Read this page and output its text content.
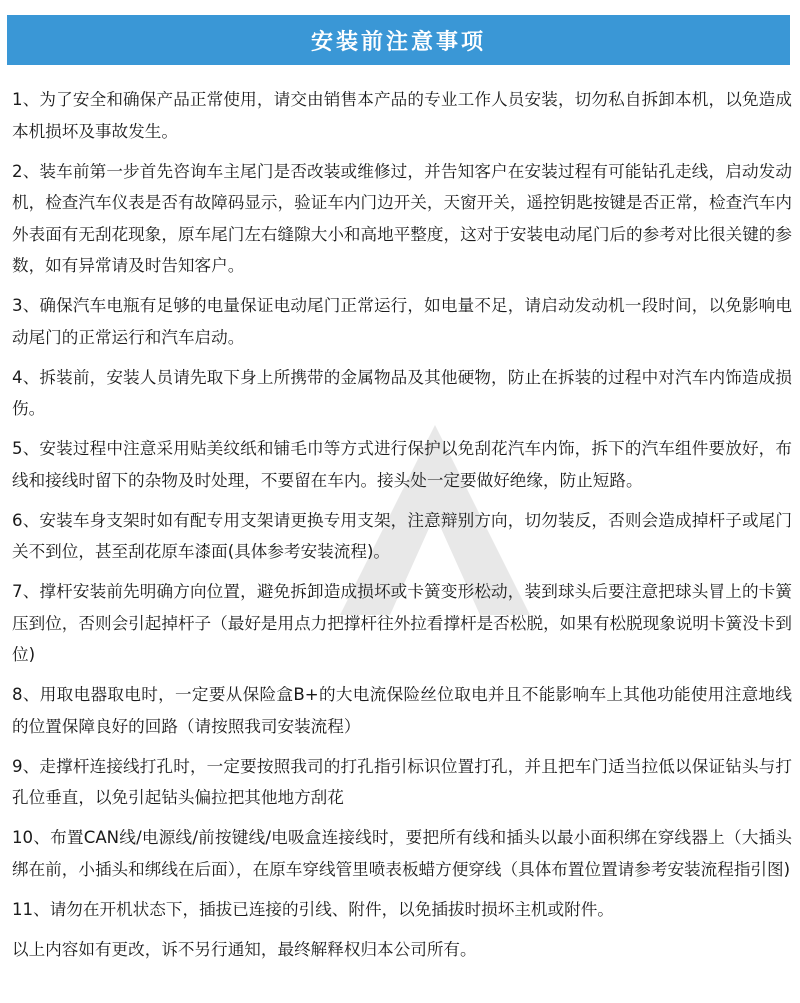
安装前注意事项

1、为了安全和确保产品正常使用，请交由销售本产品的专业工作人员安装，切勿私自拆卸本机，以免造成本机损坏及事故发生。

2、装车前第一步首先咨询车主尾门是否改装或维修过，并告知客户在安装过程有可能钻孔走线，启动发动机，检查汽车仪表是否有故障码显示，验证车内门边开关，天窗开关，遥控钥匙按键是否正常，检查汽车内外表面有无刮花现象，原车尾门左右缝隙大小和高地平整度，这对于安装电动尾门后的参考对比很关键的参数，如有异常请及时告知客户。

3、确保汽车电瓶有足够的电量保证电动尾门正常运行，如电量不足，请启动发动机一段时间，以免影响电动尾门的正常运行和汽车启动。

4、拆装前，安装人员请先取下身上所携带的金属物品及其他硬物，防止在拆装的过程中对汽车内饰造成损伤。

5、安装过程中注意采用贴美纹纸和铺毛巾等方式进行保护以免刮花汽车内饰，拆下的汽车组件要放好，布线和接线时留下的杂物及时处理，不要留在车内。接头处一定要做好绝缘，防止短路。

6、安装车身支架时如有配专用支架请更换专用支架，注意辩别方向，切勿装反，否则会造成掉杆子或尾门关不到位，甚至刮花原车漆面(具体参考安装流程)。

7、撑杆安装前先明确方向位置，避免拆卸造成损坏或卡簧变形松动，装到球头后要注意把球头冒上的卡簧压到位，否则会引起掉杆子（最好是用点力把撑杆往外拉看撑杆是否松脱，如果有松脱现象说明卡簧没卡到位)

8、用取电器取电时，一定要从保险盒B+的大电流保险丝位取电并且不能影响车上其他功能使用注意地线的位置保障良好的回路（请按照我司安装流程）

9、走撑杆连接线打孔时，一定要按照我司的打孔指引标识位置打孔，并且把车门适当拉低以保证钻头与打孔位垂直，以免引起钻头偏拉把其他地方刮花

10、布置CAN线/电源线/前按键线/电吸盒连接线时，要把所有线和插头以最小面积绑在穿线器上（大插头绑在前，小插头和绑线在后面），在原车穿线管里喷表板蜡方便穿线（具体布置位置请参考安装流程指引图)

11、请勿在开机状态下，插拔已连接的引线、附件，以免插拔时损坏主机或附件。

以上内容如有更改，诉不另行通知，最终解释权归本公司所有。
